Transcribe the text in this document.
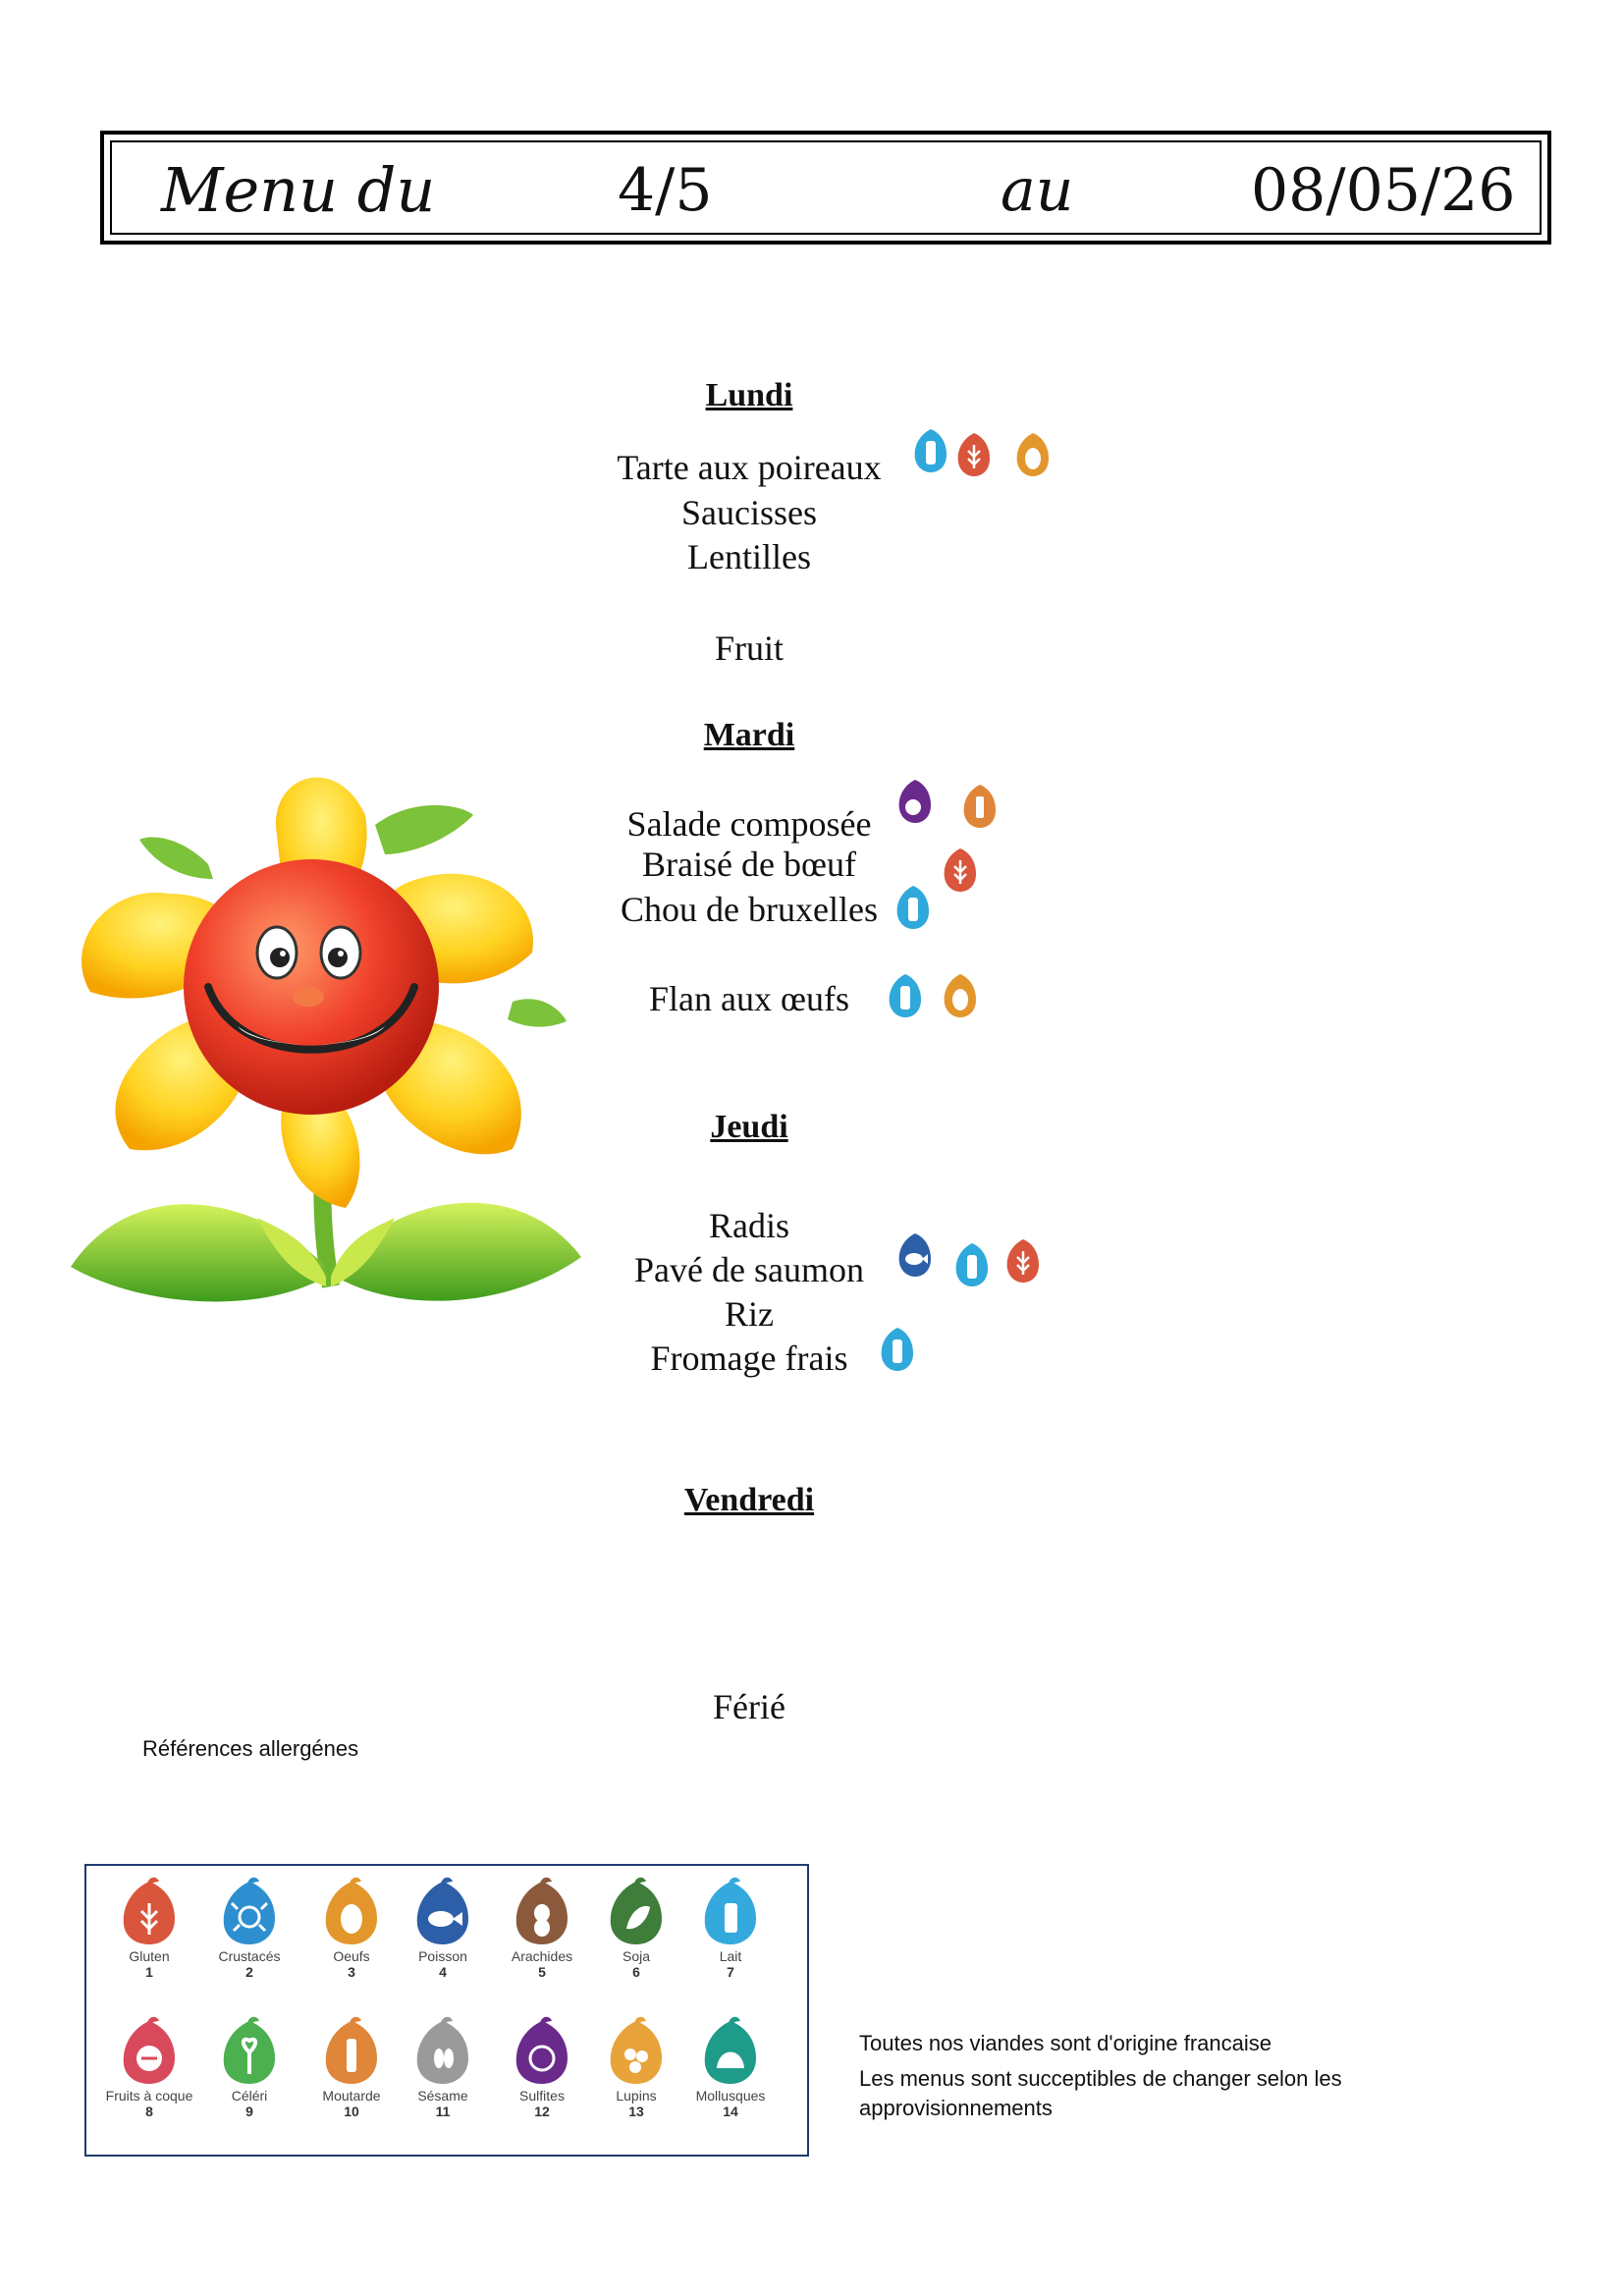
Menu du	4/5	au	08/05/26
Lundi
Tarte aux poireaux
Saucisses
Lentilles
Fruit
Mardi
Salade composée
Braisé de bœuf
Chou de bruxelles
Flan aux œufs
Jeudi
Radis
Pavé de saumon
Riz
Fromage frais
Vendredi
Férié
Références allergénes
Gluten
1
Crustacés
2
Oeufs
3
Poisson
4
Arachides
5
Soja
6
Lait
7
Fruits à coque
8
Céléri
9
Moutarde
10
Sésame
11
Sulfites
12
Lupins
13
Mollusques
14

Toutes nos viandes sont d'origine francaise

Les menus sont succeptibles de changer selon les approvisionnements
